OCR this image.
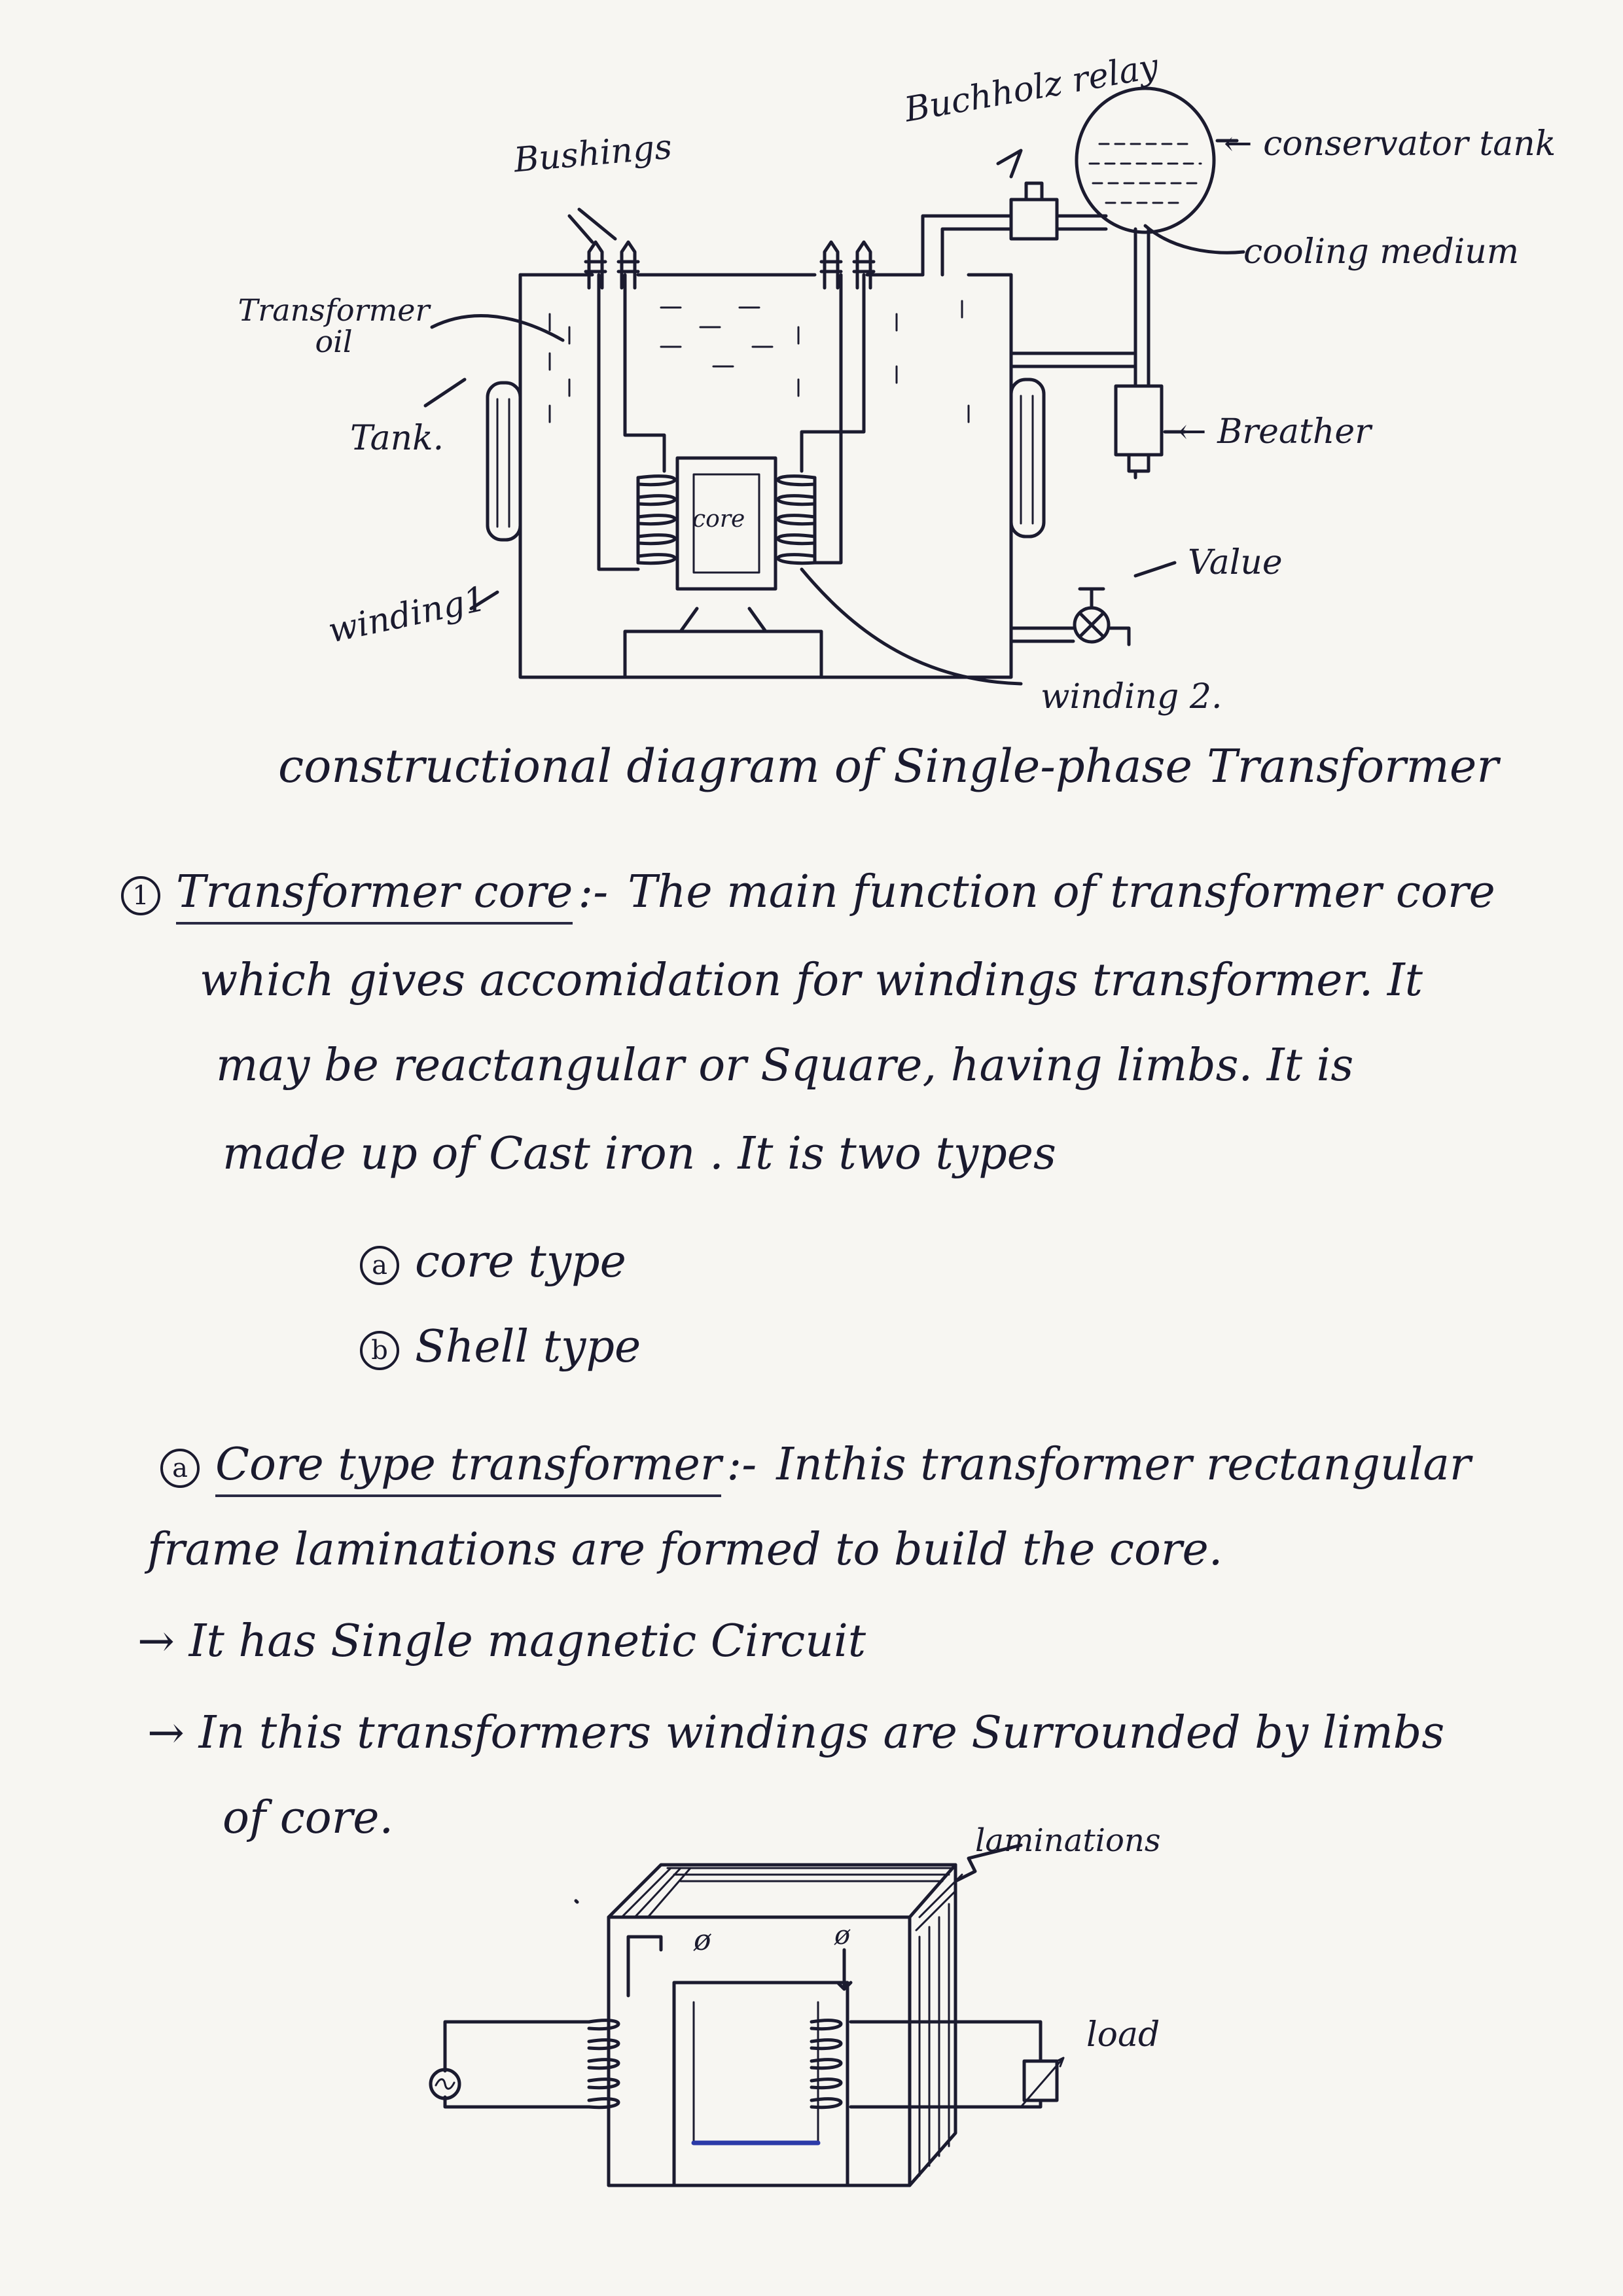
core
Buchholz relay
← conservator tank
Bushings
cooling medium
Transformer oil
Tank.	← Breather
Value
winding1
winding 2.
constructional diagram of Single-phase Transformer
1 Transformer core :- The main function of transformer core
which gives accomidation for windings transformer. It
may be reactangular or Square, having limbs. It is
made up of Cast iron . It is two types
a core type
b Shell type
a Core type transformer :- Inthis transformer rectangular
frame laminations are formed to build the core.
→ It has Single magnetic Circuit
→ In this transformers windings are Surrounded by limbs
of core.	laminations
load
ø	ø
